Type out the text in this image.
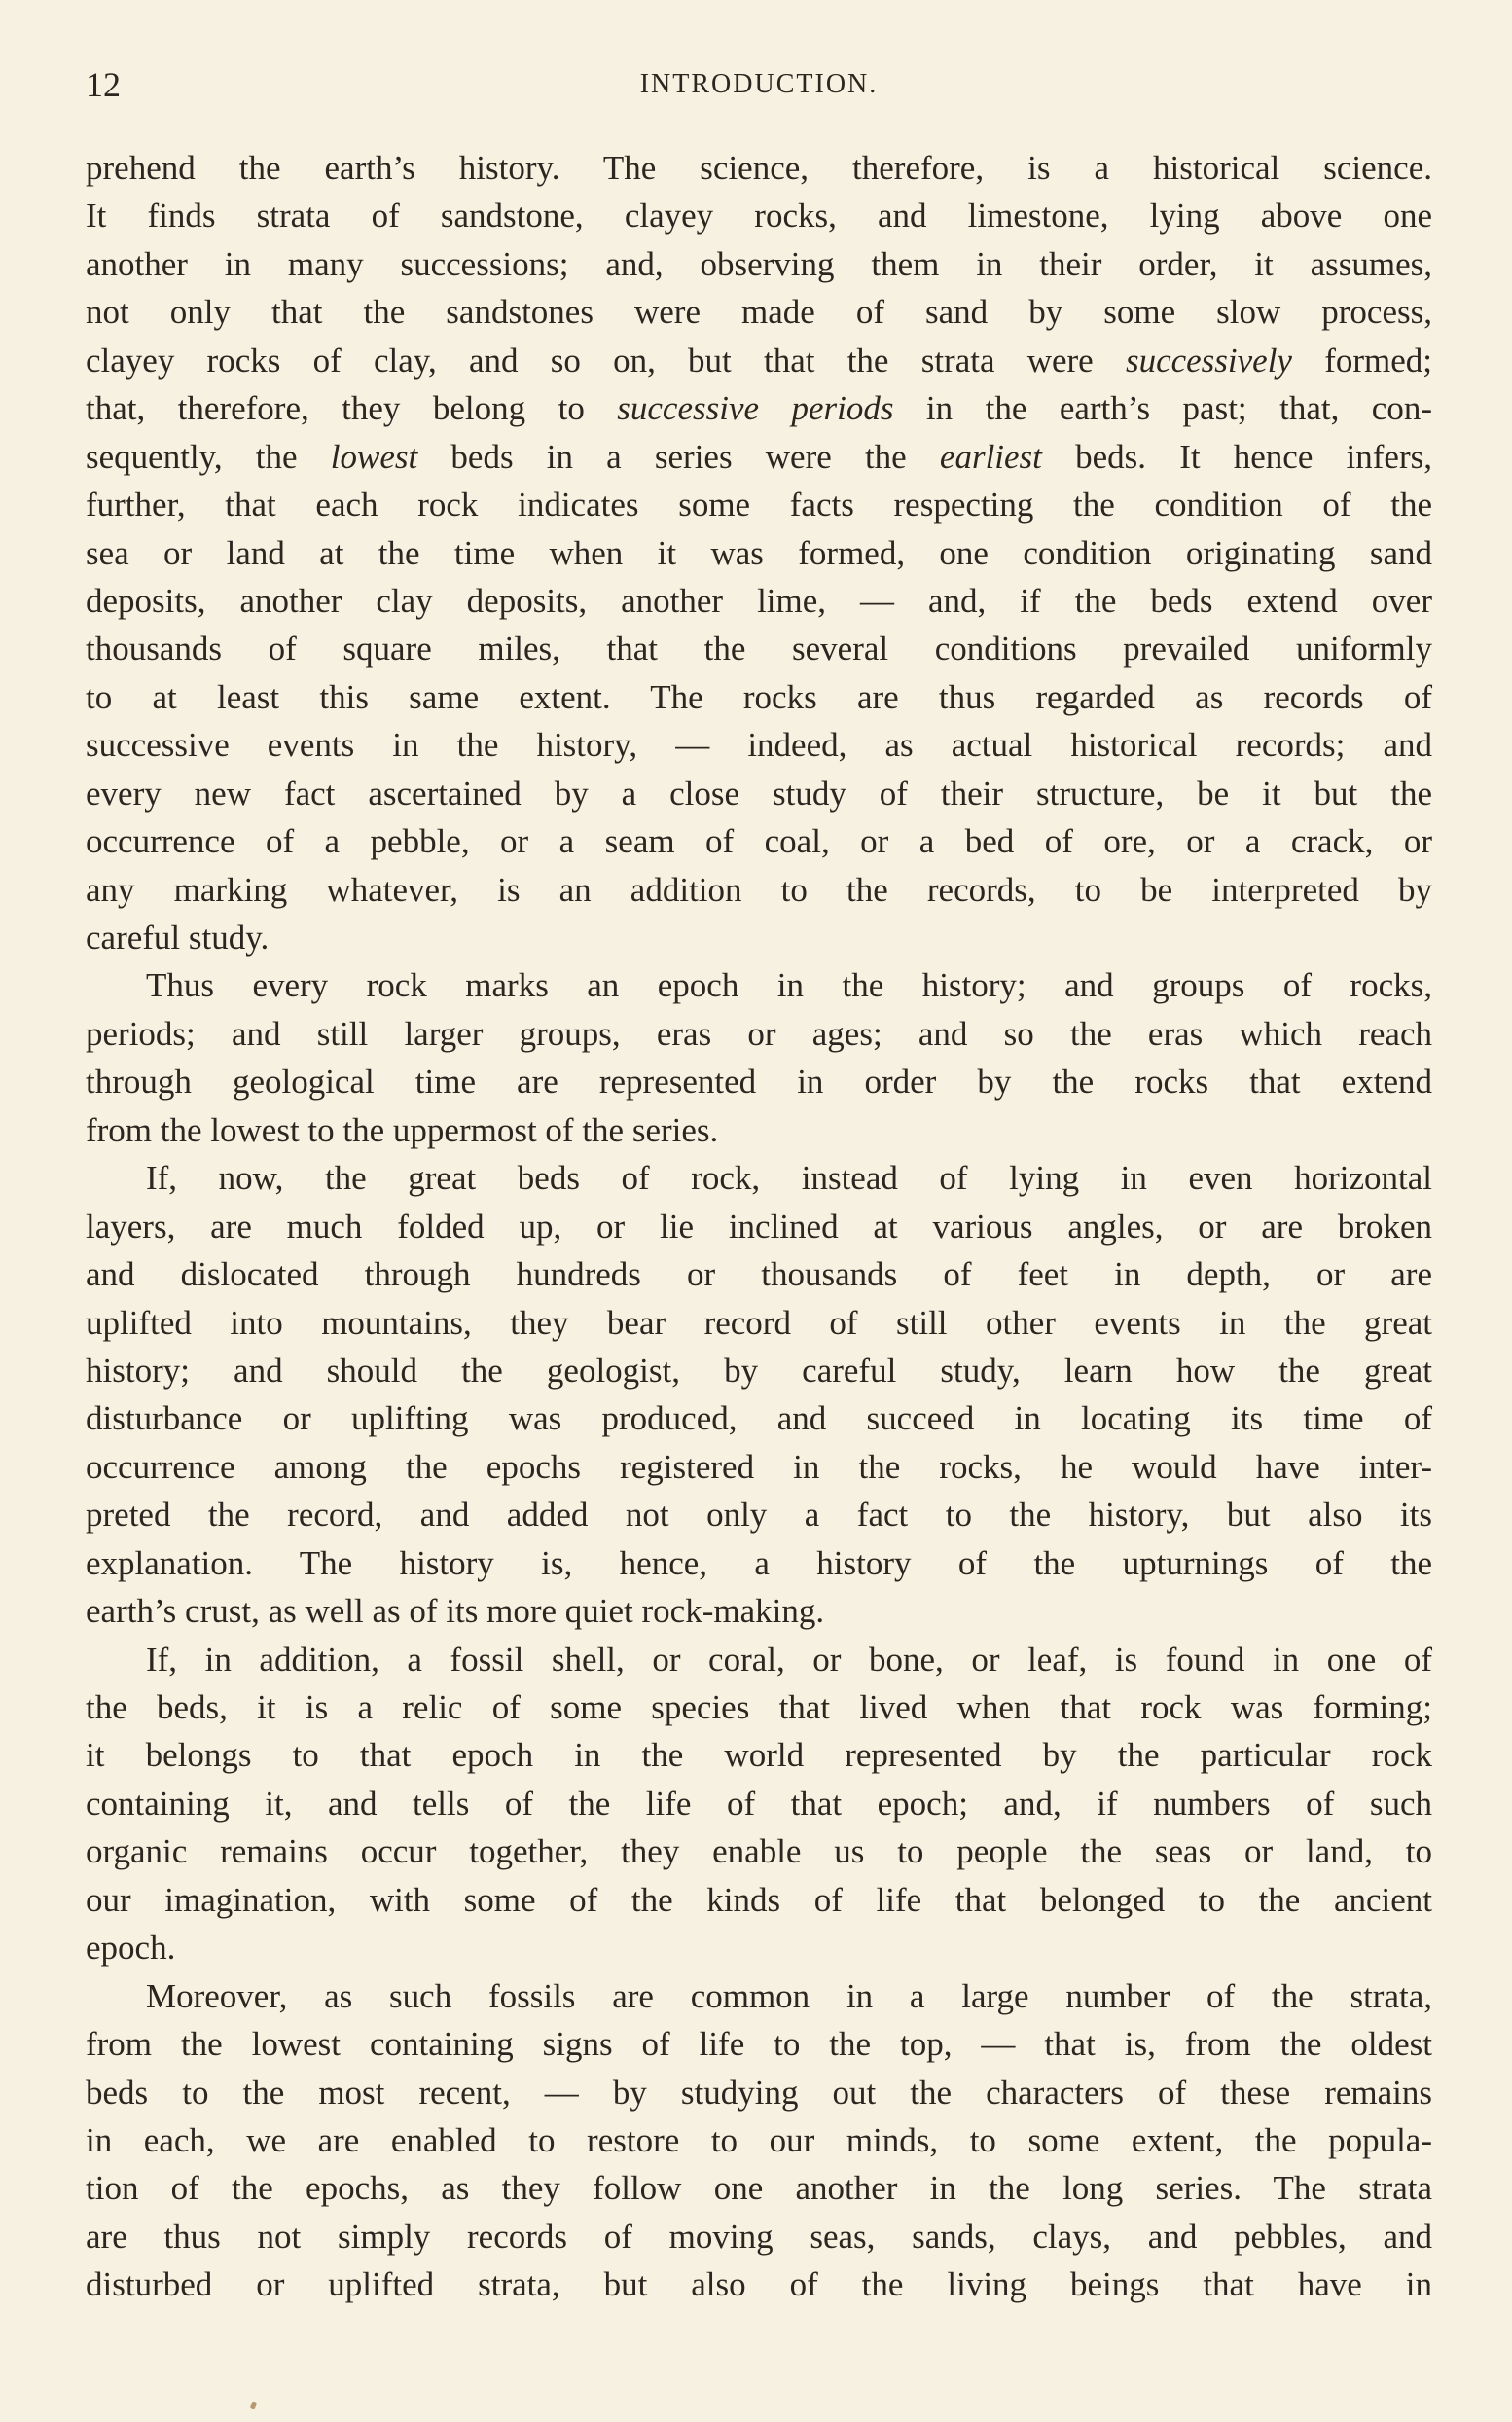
12	INTRODUCTION.
prehend the earth’s history. The science, therefore, is a historical science.
It finds strata of sandstone, clayey rocks, and limestone, lying above one
another in many successions; and, observing them in their order, it assumes,
not only that the sandstones were made of sand by some slow process,
clayey rocks of clay, and so on, but that the strata were successively formed;
that, therefore, they belong to successive periods in the earth’s past; that, con-
sequently, the lowest beds in a series were the earliest beds. It hence infers,
further, that each rock indicates some facts respecting the condition of the
sea or land at the time when it was formed, one condition originating sand
deposits, another clay deposits, another lime, — and, if the beds extend over
thousands of square miles, that the several conditions prevailed uniformly
to at least this same extent. The rocks are thus regarded as records of
successive events in the history, — indeed, as actual historical records; and
every new fact ascertained by a close study of their structure, be it but the
occurrence of a pebble, or a seam of coal, or a bed of ore, or a crack, or
any marking whatever, is an addition to the records, to be interpreted by
careful study.
Thus every rock marks an epoch in the history; and groups of rocks,
periods; and still larger groups, eras or ages; and so the eras which reach
through geological time are represented in order by the rocks that extend
from the lowest to the uppermost of the series.
If, now, the great beds of rock, instead of lying in even horizontal
layers, are much folded up, or lie inclined at various angles, or are broken
and dislocated through hundreds or thousands of feet in depth, or are
uplifted into mountains, they bear record of still other events in the great
history; and should the geologist, by careful study, learn how the great
disturbance or uplifting was produced, and succeed in locating its time of
occurrence among the epochs registered in the rocks, he would have inter-
preted the record, and added not only a fact to the history, but also its
explanation. The history is, hence, a history of the upturnings of the
earth’s crust, as well as of its more quiet rock-making.
If, in addition, a fossil shell, or coral, or bone, or leaf, is found in one of
the beds, it is a relic of some species that lived when that rock was forming;
it belongs to that epoch in the world represented by the particular rock
containing it, and tells of the life of that epoch; and, if numbers of such
organic remains occur together, they enable us to people the seas or land, to
our imagination, with some of the kinds of life that belonged to the ancient
epoch.
Moreover, as such fossils are common in a large number of the strata,
from the lowest containing signs of life to the top, — that is, from the oldest
beds to the most recent, — by studying out the characters of these remains
in each, we are enabled to restore to our minds, to some extent, the popula-
tion of the epochs, as they follow one another in the long series. The strata
are thus not simply records of moving seas, sands, clays, and pebbles, and
disturbed or uplifted strata, but also of the living beings that have in
